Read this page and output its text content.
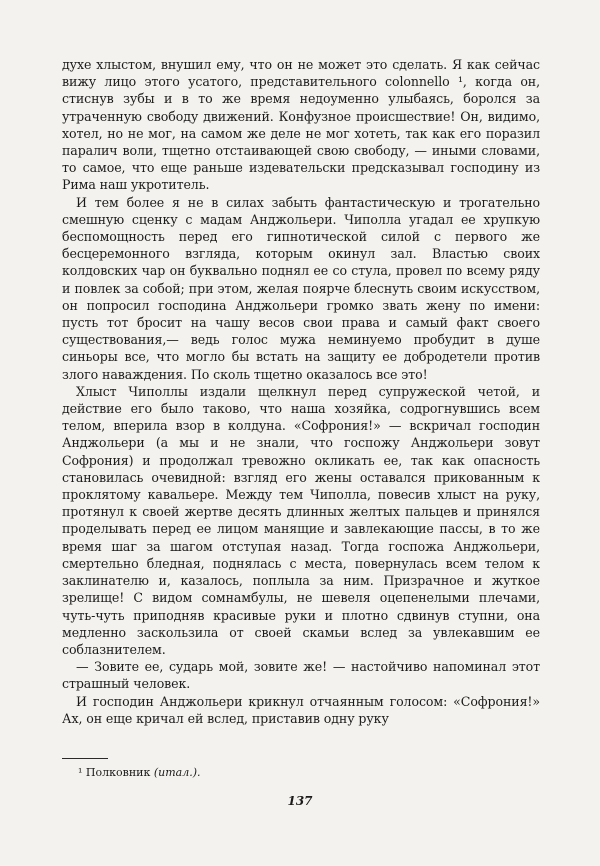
духе хлыстом, внушил ему, что он не может это сделать. Я как сейчас вижу лицо этого усатого, представительного colonnello ¹, когда он, стиснув зубы и в то же время недоуменно улыбаясь, боролся за утраченную свободу движений. Конфузное происшествие! Он, видимо, хотел, но не мог, на самом же деле не мог хотеть, так как его поразил паралич воли, тщетно отстаивающей свою свободу, — иными словами, то самое, что еще раньше издевательски предсказывал господину из Рима наш укротитель.

И тем более я не в силах забыть фантастическую и трогательно смешную сценку с мадам Анджольери. Чиполла угадал ее хрупкую беспомощность перед его гипнотической силой с первого же бесцеремонного взгляда, которым окинул зал. Властью своих колдовских чар он буквально поднял ее со стула, провел по всему ряду и повлек за собой; при этом, желая поярче блеснуть своим искусством, он попросил господина Анджольери громко звать жену по имени: пусть тот бросит на чашу весов свои права и самый факт своего существования,— ведь голос мужа неминуемо пробудит в душе синьоры все, что могло бы встать на защиту ее добродетели против злого наваждения. По сколь тщетно оказалось все это!

Хлыст Чиполлы издали щелкнул перед супружеской четой, и действие его было таково, что наша хозяйка, содрогнувшись всем телом, вперила взор в колдуна. «Софрония!» — вскричал господин Анджольери (а мы и не знали, что госпожу Анджольери зовут Софрония) и продолжал тревожно окликать ее, так как опасность становилась очевидной: взгляд его жены оставался прикованным к проклятому кавальере. Между тем Чиполла, повесив хлыст на руку, протянул к своей жертве десять длинных желтых пальцев и принялся проделывать перед ее лицом манящие и завлекающие пассы, в то же время шаг за шагом отступая назад. Тогда госпожа Анджольери, смертельно бледная, поднялась с места, повернулась всем телом к заклинателю и, казалось, поплыла за ним. Призрачное и жуткое зрелище! С видом сомнамбулы, не шевеля оцепенелыми плечами, чуть-чуть приподняв красивые руки и плотно сдвинув ступни, она медленно заскользила от своей скамьи вслед за увлекавшим ее соблазнителем.

— Зовите ее, сударь мой, зовите же! — настойчиво напоминал этот страшный человек.

И господин Анджольери крикнул отчаянным голосом: «Софрония!» Ах, он еще кричал ей вслед, приставив одну руку

¹ Полковник (итал.).
137
